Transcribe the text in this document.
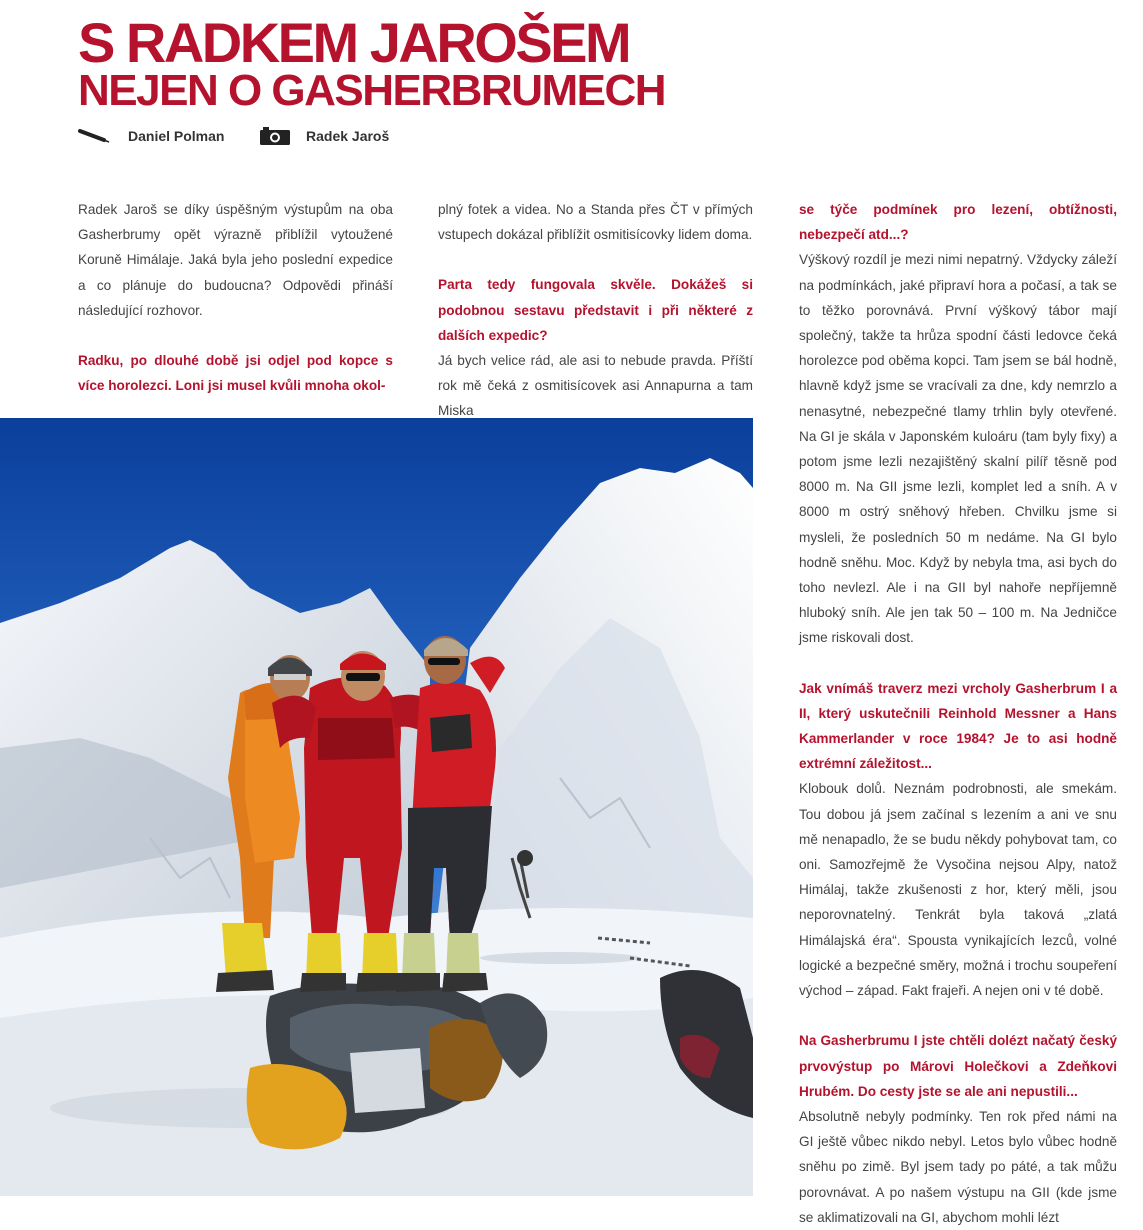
S RADKEM JAROŠEM
NEJEN O GASHERBRUMECH
Daniel Polman	Radek Jaroš

Radek Jaroš se díky úspěšným výstupům na oba Gasherbrumy opět výrazně přiblížil vytoužené Koruně Himálaje. Jaká byla jeho poslední expedice a co plánuje do budoucna? Odpovědi přináší následující rozhovor.

Radku, po dlouhé době jsi odjel pod kopce s více horolezci. Loni jsi musel kvůli mnoha okol-

plný fotek a videa. No a Standa přes ČT v přímých vstupech dokázal přiblížit osmitisícovky lidem doma.

Parta tedy fungovala skvěle. Dokážeš si podobnou sestavu představit i při některé z dalších expedic?

Já bych velice rád, ale asi to nebude pravda. Příští rok mě čeká z osmitisícovek asi Annapurna a tam Miska

se týče podmínek pro lezení, obtížnosti, nebezpečí atd...?

Výškový rozdíl je mezi nimi nepatrný. Vždycky záleží na podmínkách, jaké připraví hora a počasí, a tak se to těžko porovnává. První výškový tábor mají společný, takže ta hrůza spodní části ledovce čeká horolezce pod oběma kopci. Tam jsem se bál hodně, hlavně když jsme se vracívali za dne, kdy nemrzlo a nenasytné, nebezpečné tlamy trhlin byly otevřené. Na GI je skála v Japonském kuloáru (tam byly fixy) a potom jsme lezli nezajištěný skalní pilíř těsně pod 8000 m. Na GII jsme lezli, komplet led a sníh. A v 8000 m ostrý sněhový hřeben. Chvilku jsme si mysleli, že posledních 50 m nedáme. Na GI bylo hodně sněhu. Moc. Když by nebyla tma, asi bych do toho nevlezl. Ale i na GII byl nahoře nepříjemně hluboký sníh. Ale jen tak 50 – 100 m. Na Jedničce jsme riskovali dost.

Jak vnímáš traverz mezi vrcholy Gasherbrum I a II, který uskutečnili Reinhold Messner a Hans Kammerlander v roce 1984? Je to asi hodně extrémní záležitost...

Klobouk dolů. Neznám podrobnosti, ale smekám. Tou dobou já jsem začínal s lezením a ani ve snu mě nenapadlo, že se budu někdy pohybovat tam, co oni. Samozřejmě že Vysočina nejsou Alpy, natož Himálaj, takže zkušenosti z hor, který měli, jsou neporovnatelný. Tenkrát byla taková „zlatá Himálajská éra“. Spousta vynikajících lezců, volné logické a bezpečné směry, možná i trochu soupeření východ – západ. Fakt frajeři. A nejen oni v té době.

Na Gasherbrumu I jste chtěli dolézt načatý český prvovýstup po Márovi Holečkovi a Zdeňkovi Hrubém. Do cesty jste se ale ani nepustili...

Absolutně nebyly podmínky. Ten rok před námi na GI ještě vůbec nikdo nebyl. Letos bylo vůbec hodně sněhu po zimě. Byl jsem tady po páté, a tak můžu porovnávat. A po našem výstupu na GII (kde jsme se aklimatizovali na GI, abychom mohli lézt
